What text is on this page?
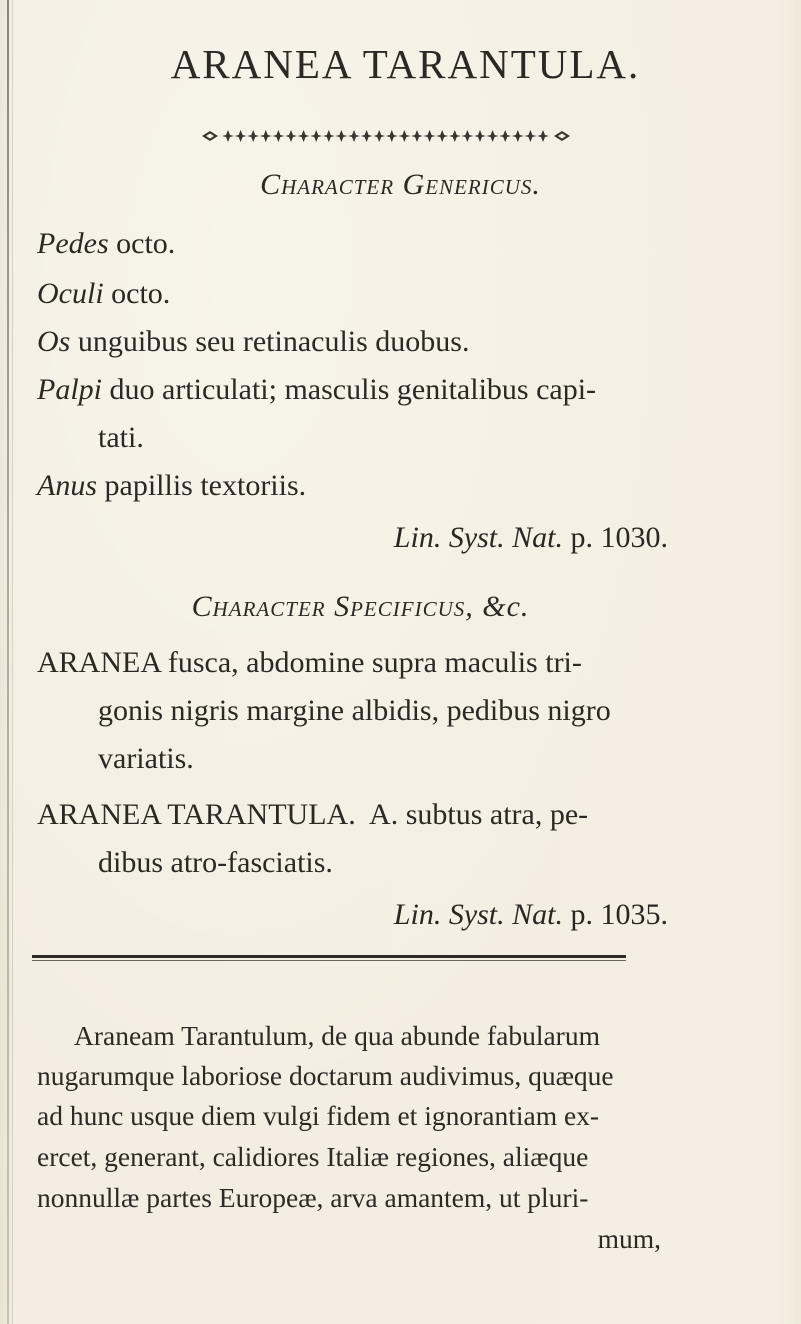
ARANEA TARANTULA.
Character Genericus.
Pedes octo.
Oculi octo.
Os unguibus seu retinaculis duobus.
Palpi duo articulati; masculis genitalibus capi-
tati.
Anus papillis textoriis.
Lin. Syst. Nat. p. 1030.
Character Specificus, &c.
ARANEA fusca, abdomine supra maculis tri-
gonis nigris margine albidis, pedibus nigro
variatis.
ARANEA TARANTULA.  A. subtus atra, pe-
dibus atro-fasciatis.
Lin. Syst. Nat. p. 1035.
Araneam Tarantulum, de qua abunde fabularum
nugarumque laboriose doctarum audivimus, quæque
ad hunc usque diem vulgi fidem et ignorantiam ex-
ercet, generant, calidiores Italiæ regiones, aliæque
nonnullæ partes Europeæ, arva amantem, ut pluri-
mum,
